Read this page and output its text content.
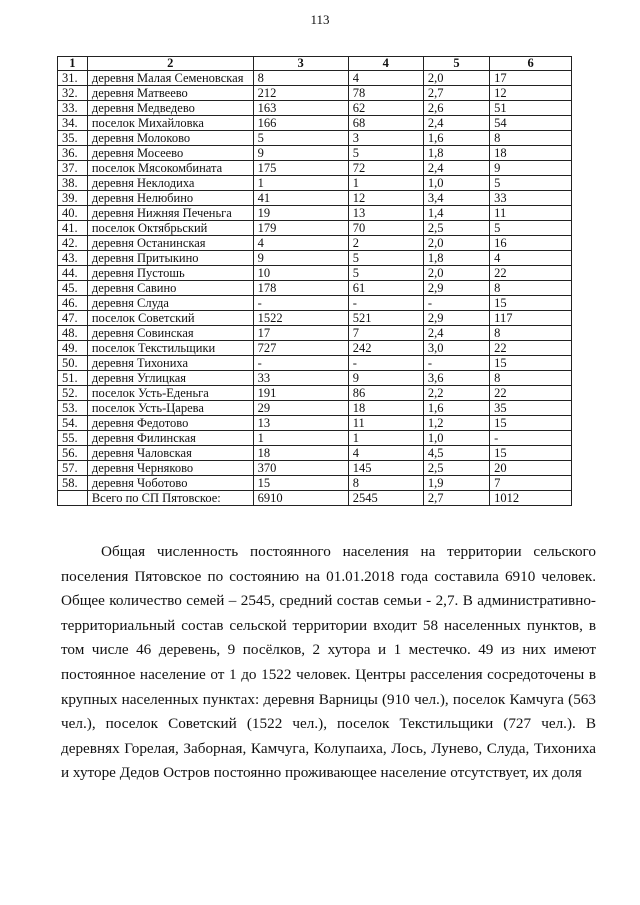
113
1	2	3	4	5	6
31.	деревня Малая Семеновская	8	4	2,0	17
32.	деревня Матвеево	212	78	2,7	12
33.	деревня Медведево	163	62	2,6	51
34.	поселок Михайловка	166	68	2,4	54
35.	деревня Молоково	5	3	1,6	8
36.	деревня Мосеево	9	5	1,8	18
37.	поселок Мясокомбината	175	72	2,4	9
38.	деревня Неклодиха	1	1	1,0	5
39.	деревня Нелюбино	41	12	3,4	33
40.	деревня Нижняя Печеньга	19	13	1,4	11
41.	поселок Октябрьский	179	70	2,5	5
42.	деревня Останинская	4	2	2,0	16
43.	деревня Притыкино	9	5	1,8	4
44.	деревня Пустошь	10	5	2,0	22
45.	деревня Савино	178	61	2,9	8
46.	деревня Слуда	-	-	-	15
47.	поселок Советский	1522	521	2,9	117
48.	деревня Совинская	17	7	2,4	8
49.	поселок Текстильщики	727	242	3,0	22
50.	деревня Тихониха	-	-	-	15
51.	деревня Углицкая	33	9	3,6	8
52.	поселок Усть-Еденьга	191	86	2,2	22
53.	поселок Усть-Царева	29	18	1,6	35
54.	деревня Федотово	13	11	1,2	15
55.	деревня Филинская	1	1	1,0	-
56.	деревня Чаловская	18	4	4,5	15
57.	деревня Черняково	370	145	2,5	20
58.	деревня Чоботово	15	8	1,9	7
	Всего по СП Пятовское:	6910	2545	2,7	1012

Общая численность постоянного населения на территории сельского поселения Пятовское по состоянию на 01.01.2018 года составила 6910 человек. Общее количество семей – 2545, средний состав семьи - 2,7. В административно-территориальный состав сельской территории входит 58 населенных пунктов, в том числе 46 деревень, 9 посёлков, 2 хутора и 1 местечко. 49 из них имеют постоянное население от 1 до 1522 человек. Центры расселения сосредоточены в крупных населенных пунктах: деревня Варницы (910 чел.), поселок Камчуга (563 чел.), поселок Советский (1522 чел.), поселок Текстильщики (727 чел.). В деревнях Горелая, Заборная, Камчуга, Колупаиха, Лось, Лунево, Слуда, Тихониха и хуторе Дедов Остров постоянно проживающее население отсутствует, их доля
